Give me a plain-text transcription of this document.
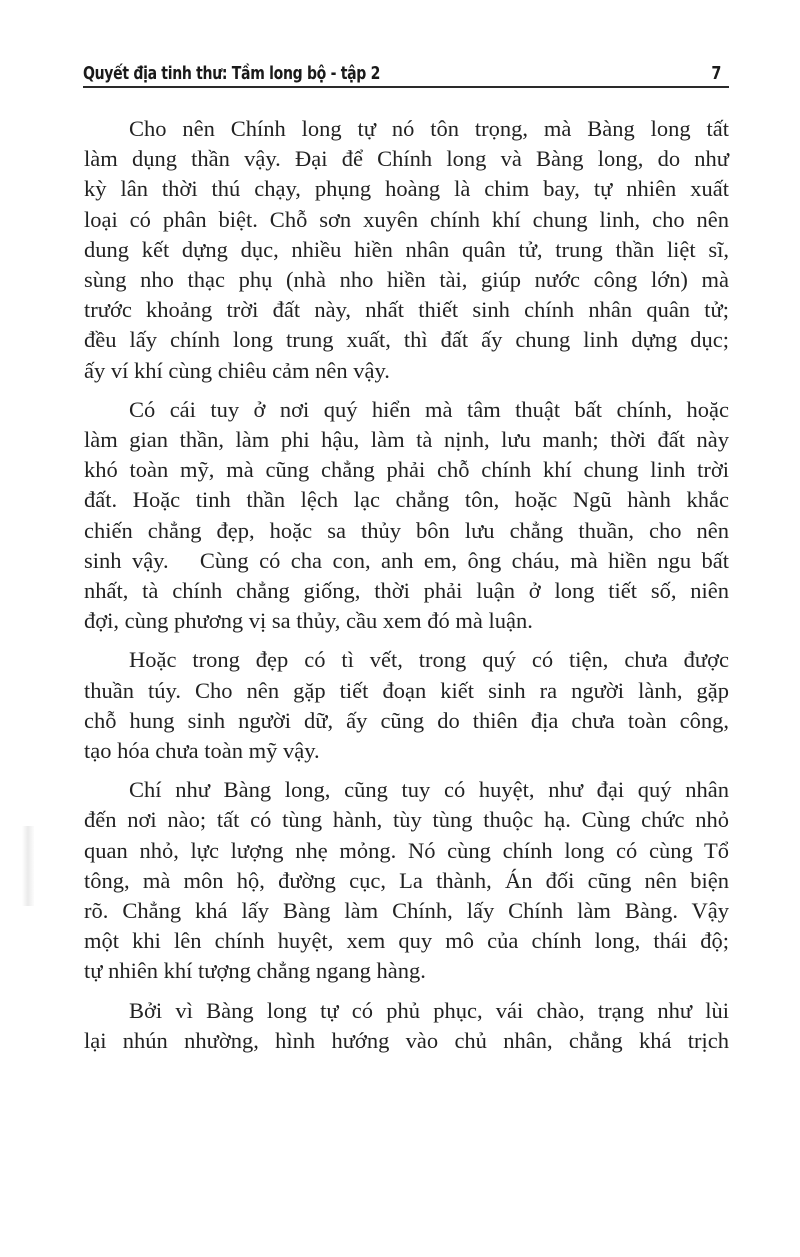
Quyết địa tinh thư: Tầm long bộ - tập 2	7

Cho nên Chính long tự nó tôn trọng, mà Bàng long tất
làm dụng thần vậy. Đại để Chính long và Bàng long, do như
kỳ lân thời thú chạy, phụng hoàng là chim bay, tự nhiên xuất
loại có phân biệt. Chỗ sơn xuyên chính khí chung linh, cho nên
dung kết dựng dục, nhiều hiền nhân quân tử, trung thần liệt sĩ,
sùng nho thạc phụ (nhà nho hiền tài, giúp nước công lớn) mà
trước khoảng trời đất này, nhất thiết sinh chính nhân quân tử;
đều lấy chính long trung xuất, thì đất ấy chung linh dựng dục;
ấy ví khí cùng chiêu cảm nên vậy.

Có cái tuy ở nơi quý hiển mà tâm thuật bất chính, hoặc
làm gian thần, làm phi hậu, làm tà nịnh, lưu manh; thời đất này
khó toàn mỹ, mà cũng chẳng phải chỗ chính khí chung linh trời
đất. Hoặc tinh thần lệch lạc chẳng tôn, hoặc Ngũ hành khắc
chiến chẳng đẹp, hoặc sa thủy bôn lưu chẳng thuần, cho nên
sinh vậy.   Cùng có cha con, anh em, ông cháu, mà hiền ngu bất
nhất, tà chính chẳng giống, thời phải luận ở long tiết số, niên
đợi, cùng phương vị sa thủy, cầu xem đó mà luận.

Hoặc trong đẹp có tì vết, trong quý có tiện, chưa được
thuần túy. Cho nên gặp tiết đoạn kiết sinh ra người lành, gặp
chỗ hung sinh người dữ, ấy cũng do thiên địa chưa toàn công,
tạo hóa chưa toàn mỹ vậy.

Chí như Bàng long, cũng tuy có huyệt, như đại quý nhân
đến nơi nào; tất có tùng hành, tùy tùng thuộc hạ. Cùng chức nhỏ
quan nhỏ, lực lượng nhẹ mỏng. Nó cùng chính long có cùng Tổ
tông, mà môn hộ, đường cục, La thành, Án đối cũng nên biện
rõ. Chẳng khá lấy Bàng làm Chính, lấy Chính làm Bàng. Vậy
một khi lên chính huyệt, xem quy mô của chính long, thái độ;
tự nhiên khí tượng chẳng ngang hàng.

Bởi vì Bàng long tự có phủ phục, vái chào, trạng như lùi
lại nhún nhường, hình hướng vào chủ nhân, chẳng khá trịch
